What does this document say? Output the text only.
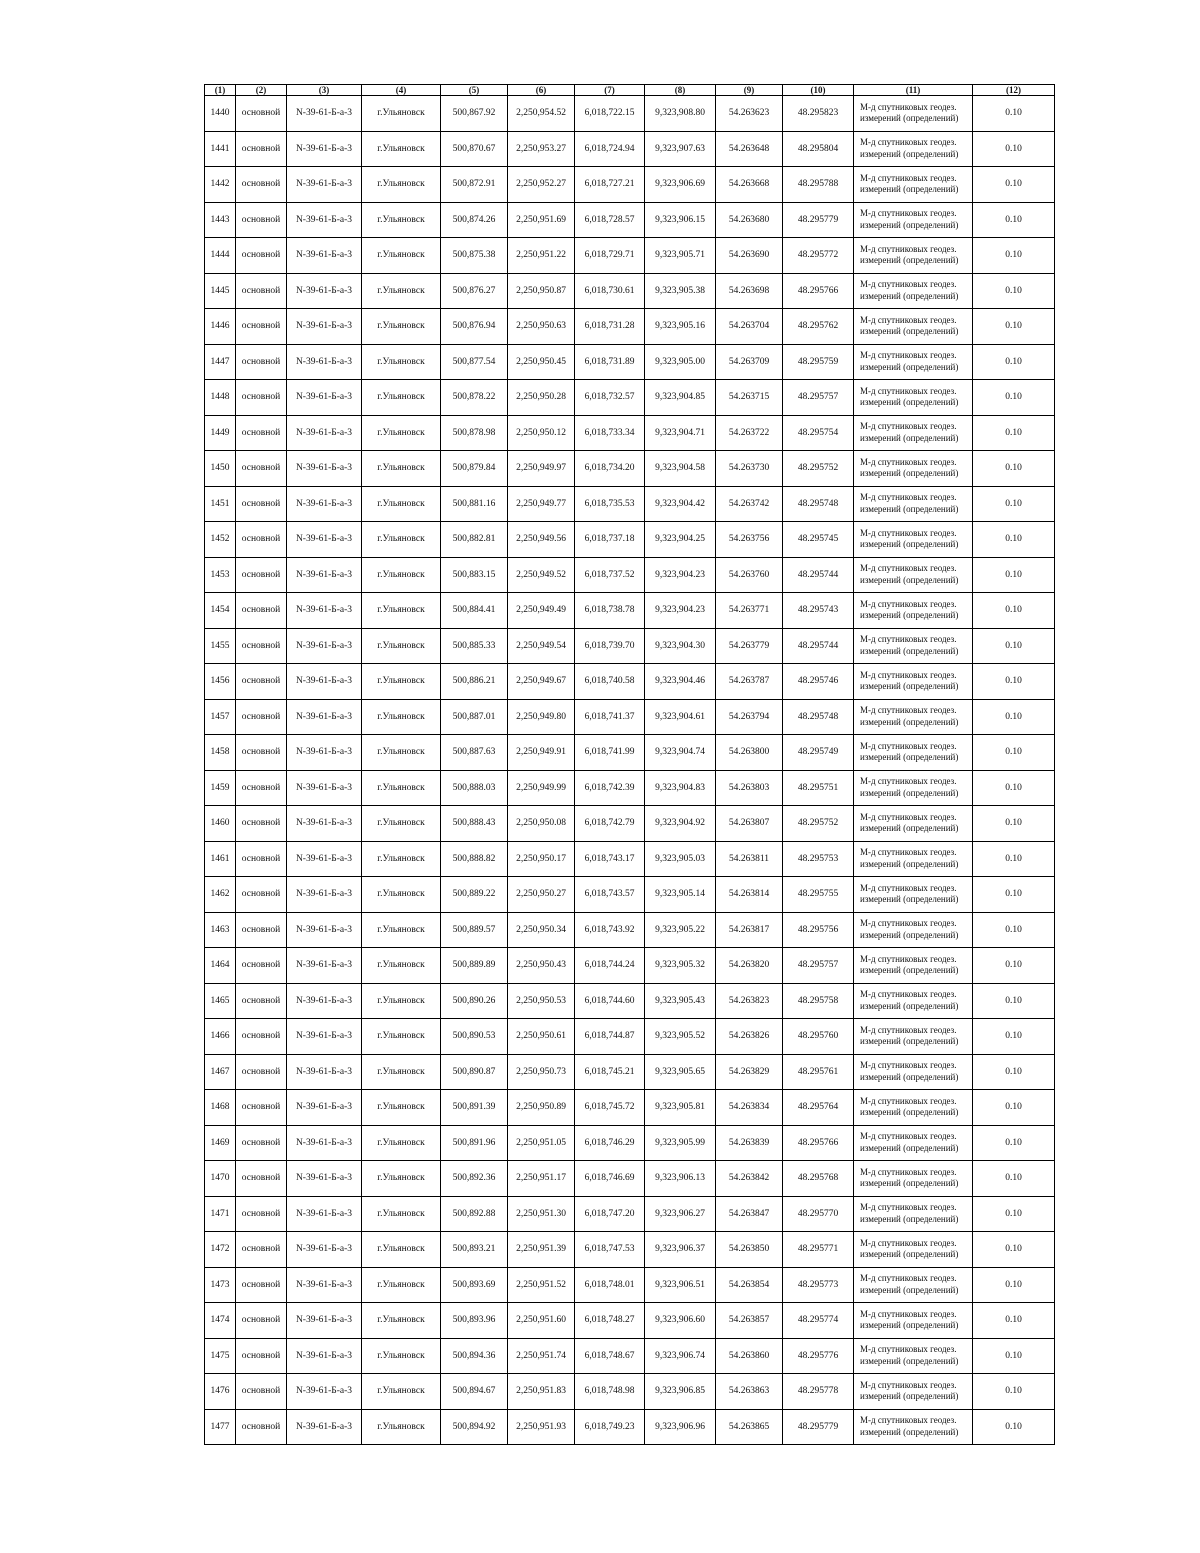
(1)	(2)	(3)	(4)	(5)	(6)	(7)	(8)	(9)	(10)	(11)	(12)
1440	основной	N-39-61-Б-а-3	г.Ульяновск	500,867.92	2,250,954.52	6,018,722.15	9,323,908.80	54.263623	48.295823	М-д спутниковых геодез. измерений (определений)	0.10
1441	основной	N-39-61-Б-а-3	г.Ульяновск	500,870.67	2,250,953.27	6,018,724.94	9,323,907.63	54.263648	48.295804	М-д спутниковых геодез. измерений (определений)	0.10
1442	основной	N-39-61-Б-а-3	г.Ульяновск	500,872.91	2,250,952.27	6,018,727.21	9,323,906.69	54.263668	48.295788	М-д спутниковых геодез. измерений (определений)	0.10
1443	основной	N-39-61-Б-а-3	г.Ульяновск	500,874.26	2,250,951.69	6,018,728.57	9,323,906.15	54.263680	48.295779	М-д спутниковых геодез. измерений (определений)	0.10
1444	основной	N-39-61-Б-а-3	г.Ульяновск	500,875.38	2,250,951.22	6,018,729.71	9,323,905.71	54.263690	48.295772	М-д спутниковых геодез. измерений (определений)	0.10
1445	основной	N-39-61-Б-а-3	г.Ульяновск	500,876.27	2,250,950.87	6,018,730.61	9,323,905.38	54.263698	48.295766	М-д спутниковых геодез. измерений (определений)	0.10
1446	основной	N-39-61-Б-а-3	г.Ульяновск	500,876.94	2,250,950.63	6,018,731.28	9,323,905.16	54.263704	48.295762	М-д спутниковых геодез. измерений (определений)	0.10
1447	основной	N-39-61-Б-а-3	г.Ульяновск	500,877.54	2,250,950.45	6,018,731.89	9,323,905.00	54.263709	48.295759	М-д спутниковых геодез. измерений (определений)	0.10
1448	основной	N-39-61-Б-а-3	г.Ульяновск	500,878.22	2,250,950.28	6,018,732.57	9,323,904.85	54.263715	48.295757	М-д спутниковых геодез. измерений (определений)	0.10
1449	основной	N-39-61-Б-а-3	г.Ульяновск	500,878.98	2,250,950.12	6,018,733.34	9,323,904.71	54.263722	48.295754	М-д спутниковых геодез. измерений (определений)	0.10
1450	основной	N-39-61-Б-а-3	г.Ульяновск	500,879.84	2,250,949.97	6,018,734.20	9,323,904.58	54.263730	48.295752	М-д спутниковых геодез. измерений (определений)	0.10
1451	основной	N-39-61-Б-а-3	г.Ульяновск	500,881.16	2,250,949.77	6,018,735.53	9,323,904.42	54.263742	48.295748	М-д спутниковых геодез. измерений (определений)	0.10
1452	основной	N-39-61-Б-а-3	г.Ульяновск	500,882.81	2,250,949.56	6,018,737.18	9,323,904.25	54.263756	48.295745	М-д спутниковых геодез. измерений (определений)	0.10
1453	основной	N-39-61-Б-а-3	г.Ульяновск	500,883.15	2,250,949.52	6,018,737.52	9,323,904.23	54.263760	48.295744	М-д спутниковых геодез. измерений (определений)	0.10
1454	основной	N-39-61-Б-а-3	г.Ульяновск	500,884.41	2,250,949.49	6,018,738.78	9,323,904.23	54.263771	48.295743	М-д спутниковых геодез. измерений (определений)	0.10
1455	основной	N-39-61-Б-а-3	г.Ульяновск	500,885.33	2,250,949.54	6,018,739.70	9,323,904.30	54.263779	48.295744	М-д спутниковых геодез. измерений (определений)	0.10
1456	основной	N-39-61-Б-а-3	г.Ульяновск	500,886.21	2,250,949.67	6,018,740.58	9,323,904.46	54.263787	48.295746	М-д спутниковых геодез. измерений (определений)	0.10
1457	основной	N-39-61-Б-а-3	г.Ульяновск	500,887.01	2,250,949.80	6,018,741.37	9,323,904.61	54.263794	48.295748	М-д спутниковых геодез. измерений (определений)	0.10
1458	основной	N-39-61-Б-а-3	г.Ульяновск	500,887.63	2,250,949.91	6,018,741.99	9,323,904.74	54.263800	48.295749	М-д спутниковых геодез. измерений (определений)	0.10
1459	основной	N-39-61-Б-а-3	г.Ульяновск	500,888.03	2,250,949.99	6,018,742.39	9,323,904.83	54.263803	48.295751	М-д спутниковых геодез. измерений (определений)	0.10
1460	основной	N-39-61-Б-а-3	г.Ульяновск	500,888.43	2,250,950.08	6,018,742.79	9,323,904.92	54.263807	48.295752	М-д спутниковых геодез. измерений (определений)	0.10
1461	основной	N-39-61-Б-а-3	г.Ульяновск	500,888.82	2,250,950.17	6,018,743.17	9,323,905.03	54.263811	48.295753	М-д спутниковых геодез. измерений (определений)	0.10
1462	основной	N-39-61-Б-а-3	г.Ульяновск	500,889.22	2,250,950.27	6,018,743.57	9,323,905.14	54.263814	48.295755	М-д спутниковых геодез. измерений (определений)	0.10
1463	основной	N-39-61-Б-а-3	г.Ульяновск	500,889.57	2,250,950.34	6,018,743.92	9,323,905.22	54.263817	48.295756	М-д спутниковых геодез. измерений (определений)	0.10
1464	основной	N-39-61-Б-а-3	г.Ульяновск	500,889.89	2,250,950.43	6,018,744.24	9,323,905.32	54.263820	48.295757	М-д спутниковых геодез. измерений (определений)	0.10
1465	основной	N-39-61-Б-а-3	г.Ульяновск	500,890.26	2,250,950.53	6,018,744.60	9,323,905.43	54.263823	48.295758	М-д спутниковых геодез. измерений (определений)	0.10
1466	основной	N-39-61-Б-а-3	г.Ульяновск	500,890.53	2,250,950.61	6,018,744.87	9,323,905.52	54.263826	48.295760	М-д спутниковых геодез. измерений (определений)	0.10
1467	основной	N-39-61-Б-а-3	г.Ульяновск	500,890.87	2,250,950.73	6,018,745.21	9,323,905.65	54.263829	48.295761	М-д спутниковых геодез. измерений (определений)	0.10
1468	основной	N-39-61-Б-а-3	г.Ульяновск	500,891.39	2,250,950.89	6,018,745.72	9,323,905.81	54.263834	48.295764	М-д спутниковых геодез. измерений (определений)	0.10
1469	основной	N-39-61-Б-а-3	г.Ульяновск	500,891.96	2,250,951.05	6,018,746.29	9,323,905.99	54.263839	48.295766	М-д спутниковых геодез. измерений (определений)	0.10
1470	основной	N-39-61-Б-а-3	г.Ульяновск	500,892.36	2,250,951.17	6,018,746.69	9,323,906.13	54.263842	48.295768	М-д спутниковых геодез. измерений (определений)	0.10
1471	основной	N-39-61-Б-а-3	г.Ульяновск	500,892.88	2,250,951.30	6,018,747.20	9,323,906.27	54.263847	48.295770	М-д спутниковых геодез. измерений (определений)	0.10
1472	основной	N-39-61-Б-а-3	г.Ульяновск	500,893.21	2,250,951.39	6,018,747.53	9,323,906.37	54.263850	48.295771	М-д спутниковых геодез. измерений (определений)	0.10
1473	основной	N-39-61-Б-а-3	г.Ульяновск	500,893.69	2,250,951.52	6,018,748.01	9,323,906.51	54.263854	48.295773	М-д спутниковых геодез. измерений (определений)	0.10
1474	основной	N-39-61-Б-а-3	г.Ульяновск	500,893.96	2,250,951.60	6,018,748.27	9,323,906.60	54.263857	48.295774	М-д спутниковых геодез. измерений (определений)	0.10
1475	основной	N-39-61-Б-а-3	г.Ульяновск	500,894.36	2,250,951.74	6,018,748.67	9,323,906.74	54.263860	48.295776	М-д спутниковых геодез. измерений (определений)	0.10
1476	основной	N-39-61-Б-а-3	г.Ульяновск	500,894.67	2,250,951.83	6,018,748.98	9,323,906.85	54.263863	48.295778	М-д спутниковых геодез. измерений (определений)	0.10
1477	основной	N-39-61-Б-а-3	г.Ульяновск	500,894.92	2,250,951.93	6,018,749.23	9,323,906.96	54.263865	48.295779	М-д спутниковых геодез. измерений (определений)	0.10
